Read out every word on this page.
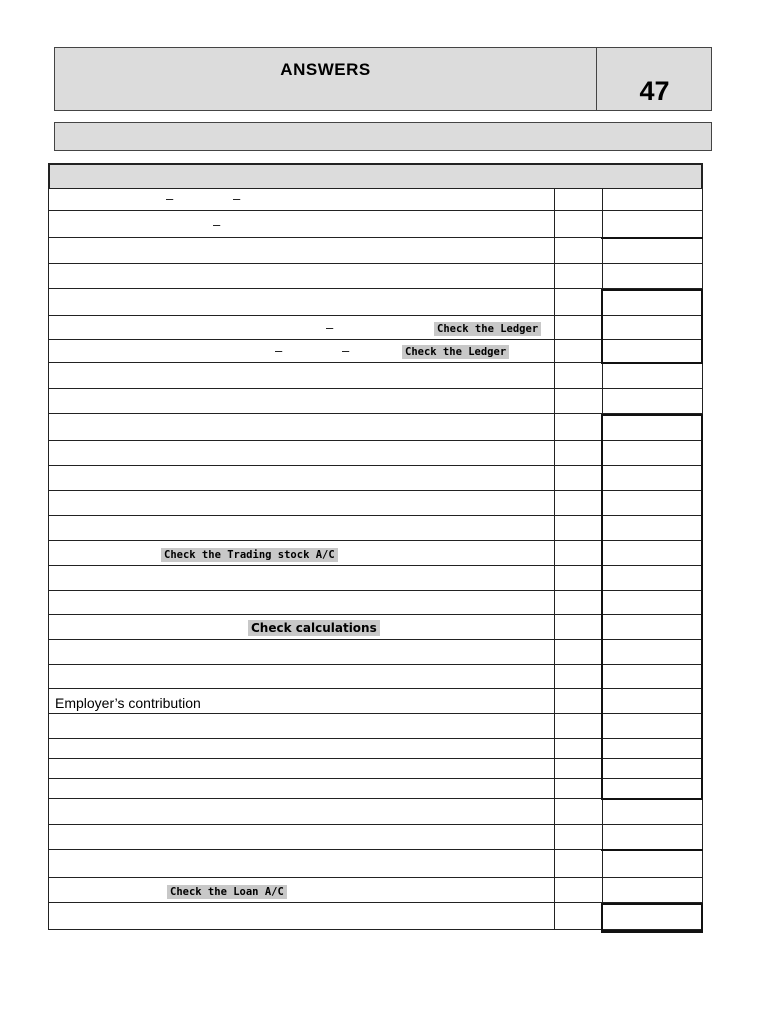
ANSWERS
47
–	–
–
–	Check the Ledger
–	–	Check the Ledger
Check the Trading stock A/C
Check calculations
Employer’s contribution
Check the Loan A/C
